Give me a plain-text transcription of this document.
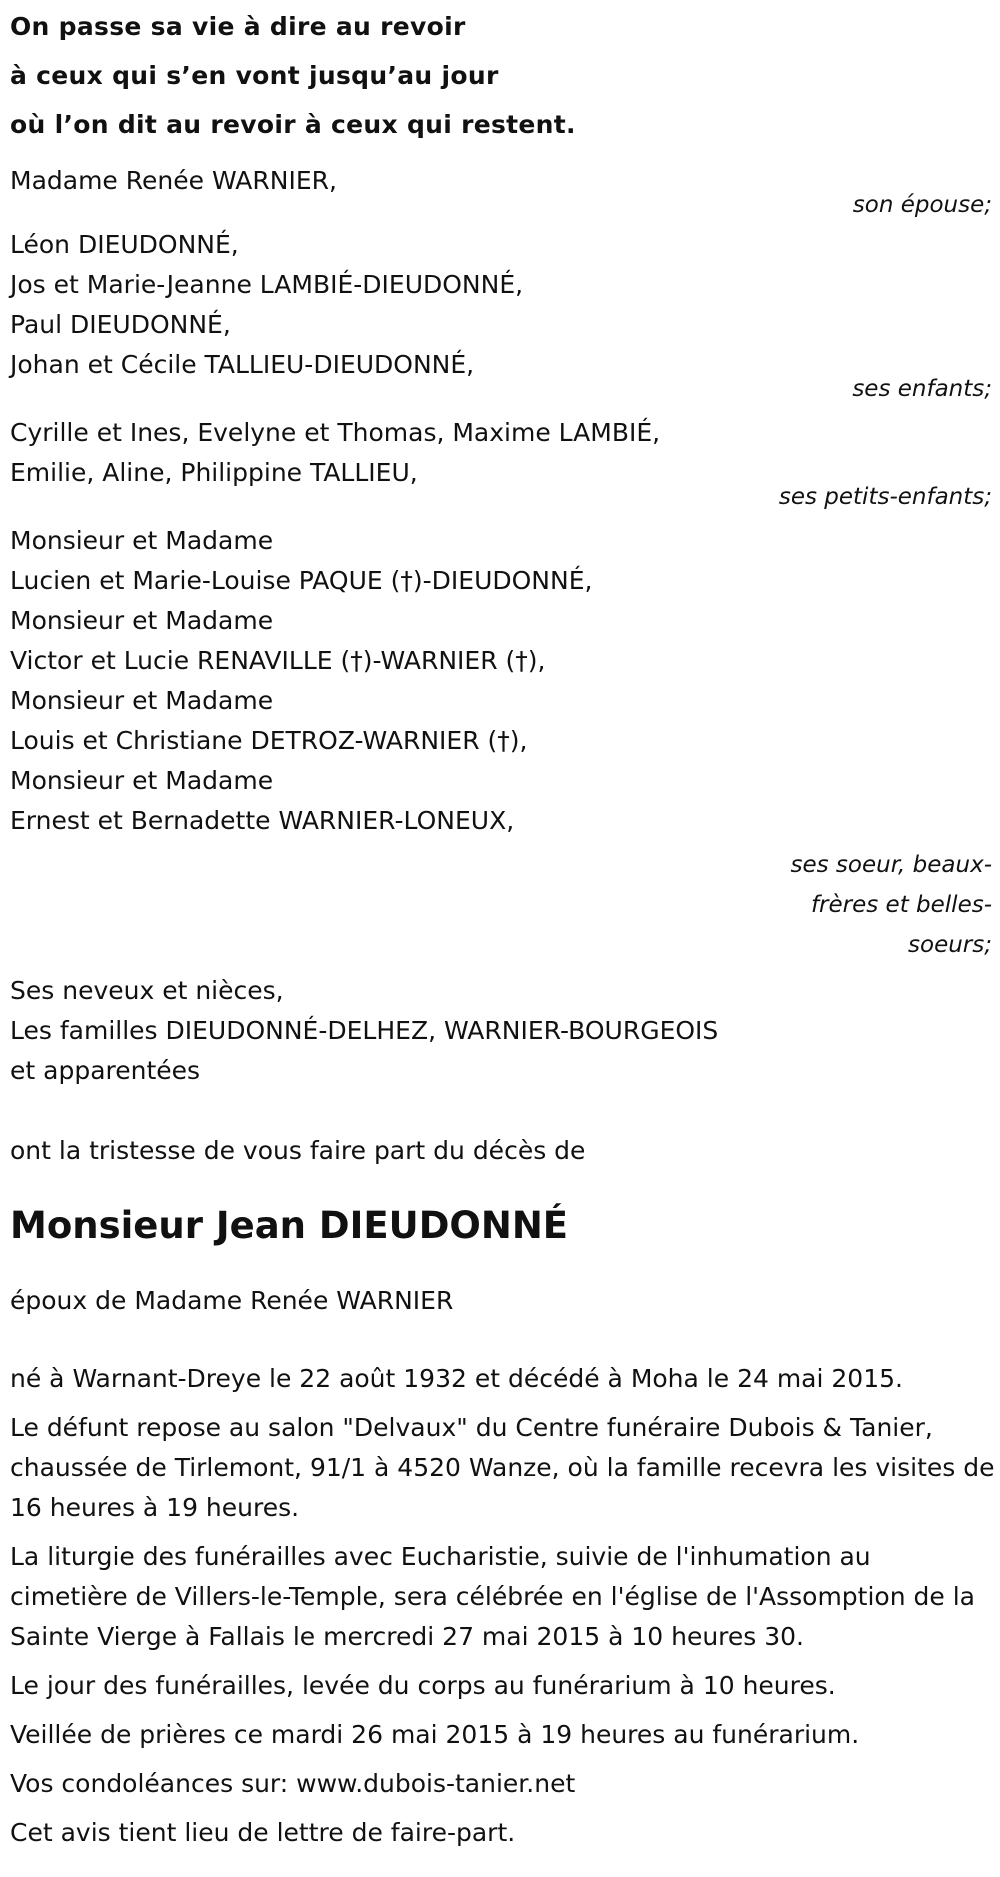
On passe sa vie à dire au revoir
à ceux qui s’en vont jusqu’au jour
où l’on dit au revoir à ceux qui restent.
Madame Renée WARNIER,
son épouse;
Léon DIEUDONNÉ,
Jos et Marie-Jeanne LAMBIÉ-DIEUDONNÉ,
Paul DIEUDONNÉ,
Johan et Cécile TALLIEU-DIEUDONNÉ,
ses enfants;
Cyrille et Ines, Evelyne et Thomas, Maxime LAMBIÉ,
Emilie, Aline, Philippine TALLIEU,
ses petits-enfants;
Monsieur et Madame
Lucien et Marie-Louise PAQUE (†)-DIEUDONNÉ,
Monsieur et Madame
Victor et Lucie RENAVILLE (†)-WARNIER (†),
Monsieur et Madame
Louis et Christiane DETROZ-WARNIER (†),
Monsieur et Madame
Ernest et Bernadette WARNIER-LONEUX,
ses soeur, beaux-frères et belles-soeurs;
Ses neveux et nièces,
Les familles DIEUDONNÉ-DELHEZ, WARNIER-BOURGEOIS
et apparentées
ont la tristesse de vous faire part du décès de
Monsieur Jean DIEUDONNÉ
époux de Madame Renée WARNIER
né à Warnant-Dreye le 22 août 1932 et décédé à Moha le 24 mai 2015.
Le défunt repose au salon "Delvaux" du Centre funéraire Dubois & Tanier, chaussée de Tirlemont, 91/1 à 4520 Wanze, où la famille recevra les visites de 16 heures à 19 heures.
La liturgie des funérailles avec Eucharistie, suivie de l'inhumation au cimetière de Villers-le-Temple, sera célébrée en l'église de l'Assomption de la Sainte Vierge à Fallais le mercredi 27 mai 2015 à 10 heures 30.
Le jour des funérailles, levée du corps au funérarium à 10 heures.
Veillée de prières ce mardi 26 mai 2015 à 19 heures au funérarium.
Vos condoléances sur: www.dubois-tanier.net
Cet avis tient lieu de lettre de faire-part.
